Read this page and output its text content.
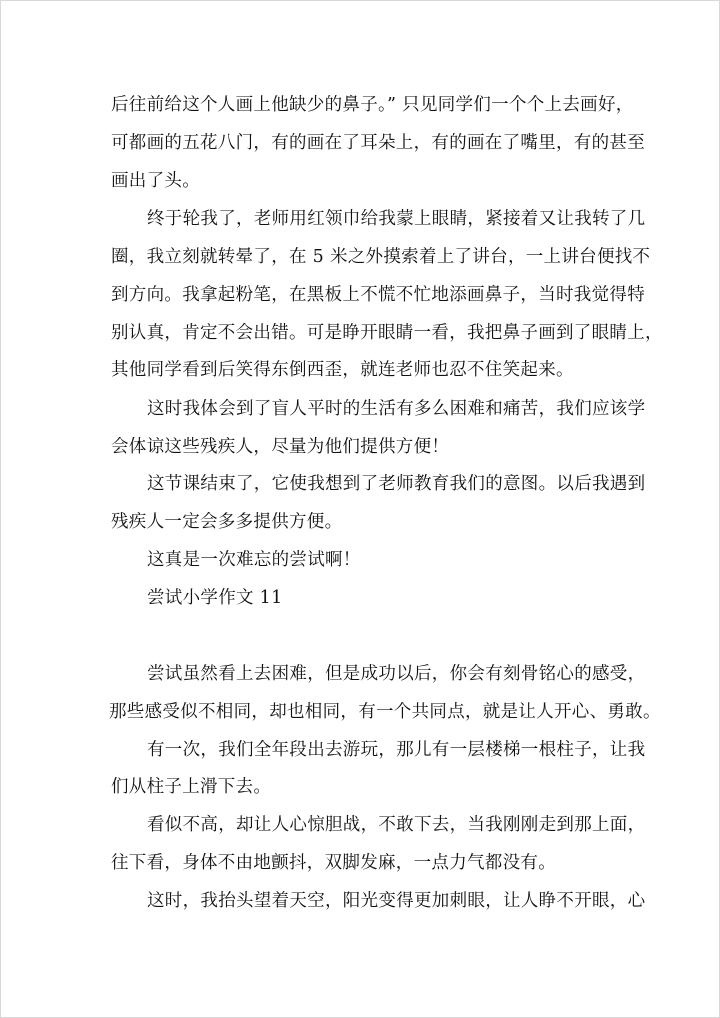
后往前给这个人画上他缺少的鼻子。” 只见同学们一个个上去画好，
可都画的五花八门，有的画在了耳朵上，有的画在了嘴里，有的甚至
画出了头。
终于轮我了，老师用红领巾给我蒙上眼睛，紧接着又让我转了几
圈，我立刻就转晕了，在 5 米之外摸索着上了讲台，一上讲台便找不
到方向。我拿起粉笔，在黑板上不慌不忙地添画鼻子，当时我觉得特
别认真，肯定不会出错。可是睁开眼睛一看，我把鼻子画到了眼睛上，
其他同学看到后笑得东倒西歪，就连老师也忍不住笑起来。
这时我体会到了盲人平时的生活有多么困难和痛苦，我们应该学
会体谅这些残疾人，尽量为他们提供方便！
这节课结束了，它使我想到了老师教育我们的意图。以后我遇到
残疾人一定会多多提供方便。
这真是一次难忘的尝试啊！
尝试小学作文 11
尝试虽然看上去困难，但是成功以后，你会有刻骨铭心的感受，
那些感受似不相同，却也相同，有一个共同点，就是让人开心、勇敢。
有一次，我们全年段出去游玩，那儿有一层楼梯一根柱子，让我
们从柱子上滑下去。
看似不高，却让人心惊胆战，不敢下去，当我刚刚走到那上面，
往下看，身体不由地颤抖，双脚发麻，一点力气都没有。
这时，我抬头望着天空，阳光变得更加刺眼，让人睁不开眼，心
